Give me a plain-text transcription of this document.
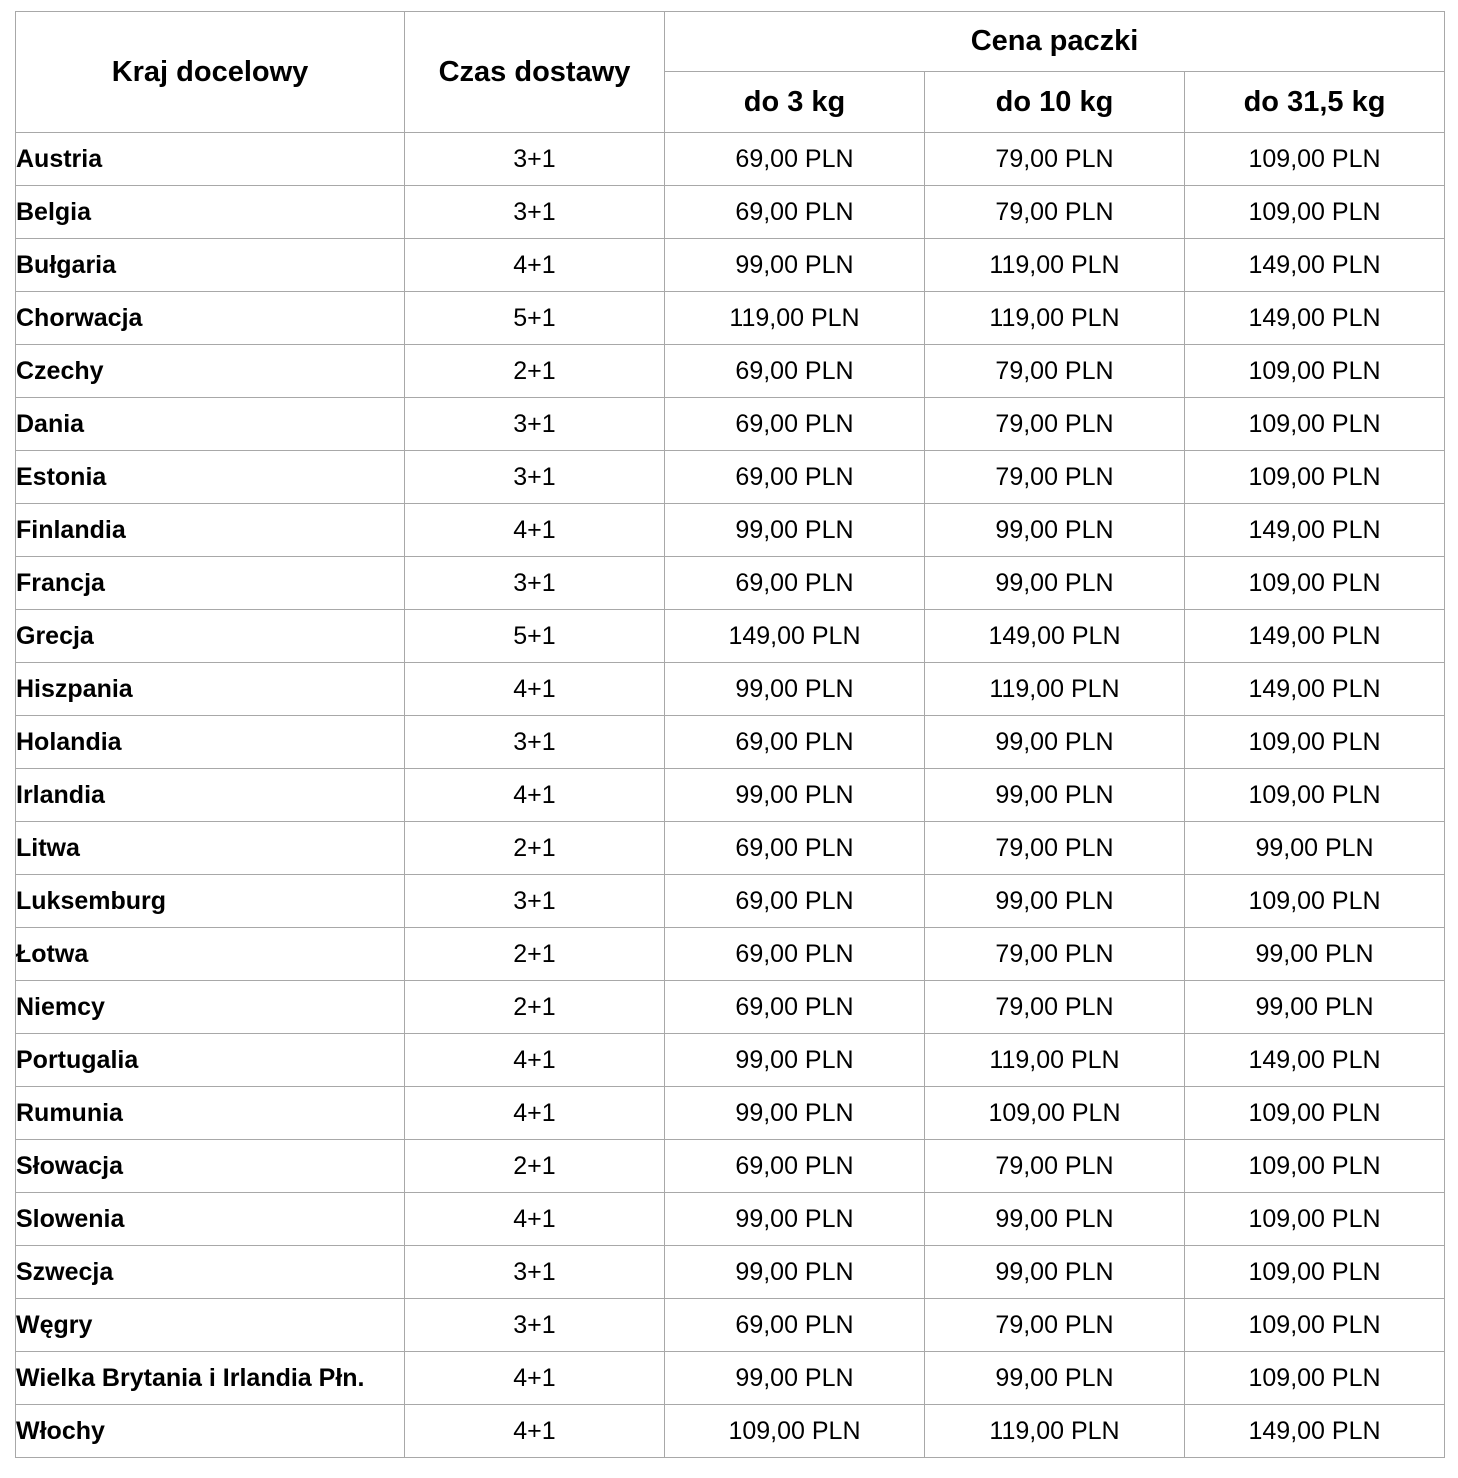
Kraj docelowy	Czas dostawy	Cena paczki		
		do 3 kg	do 10 kg	do 31,5 kg
Austria	3+1	69,00 PLN	79,00 PLN	109,00 PLN
Belgia	3+1	69,00 PLN	79,00 PLN	109,00 PLN
Bułgaria	4+1	99,00 PLN	119,00 PLN	149,00 PLN
Chorwacja	5+1	119,00 PLN	119,00 PLN	149,00 PLN
Czechy	2+1	69,00 PLN	79,00 PLN	109,00 PLN
Dania	3+1	69,00 PLN	79,00 PLN	109,00 PLN
Estonia	3+1	69,00 PLN	79,00 PLN	109,00 PLN
Finlandia	4+1	99,00 PLN	99,00 PLN	149,00 PLN
Francja	3+1	69,00 PLN	99,00 PLN	109,00 PLN
Grecja	5+1	149,00 PLN	149,00 PLN	149,00 PLN
Hiszpania	4+1	99,00 PLN	119,00 PLN	149,00 PLN
Holandia	3+1	69,00 PLN	99,00 PLN	109,00 PLN
Irlandia	4+1	99,00 PLN	99,00 PLN	109,00 PLN
Litwa	2+1	69,00 PLN	79,00 PLN	99,00 PLN
Luksemburg	3+1	69,00 PLN	99,00 PLN	109,00 PLN
Łotwa	2+1	69,00 PLN	79,00 PLN	99,00 PLN
Niemcy	2+1	69,00 PLN	79,00 PLN	99,00 PLN
Portugalia	4+1	99,00 PLN	119,00 PLN	149,00 PLN
Rumunia	4+1	99,00 PLN	109,00 PLN	109,00 PLN
Słowacja	2+1	69,00 PLN	79,00 PLN	109,00 PLN
Slowenia	4+1	99,00 PLN	99,00 PLN	109,00 PLN
Szwecja	3+1	99,00 PLN	99,00 PLN	109,00 PLN
Węgry	3+1	69,00 PLN	79,00 PLN	109,00 PLN
Wielka Brytania i Irlandia Płn.	4+1	99,00 PLN	99,00 PLN	109,00 PLN
Włochy	4+1	109,00 PLN	119,00 PLN	149,00 PLN
